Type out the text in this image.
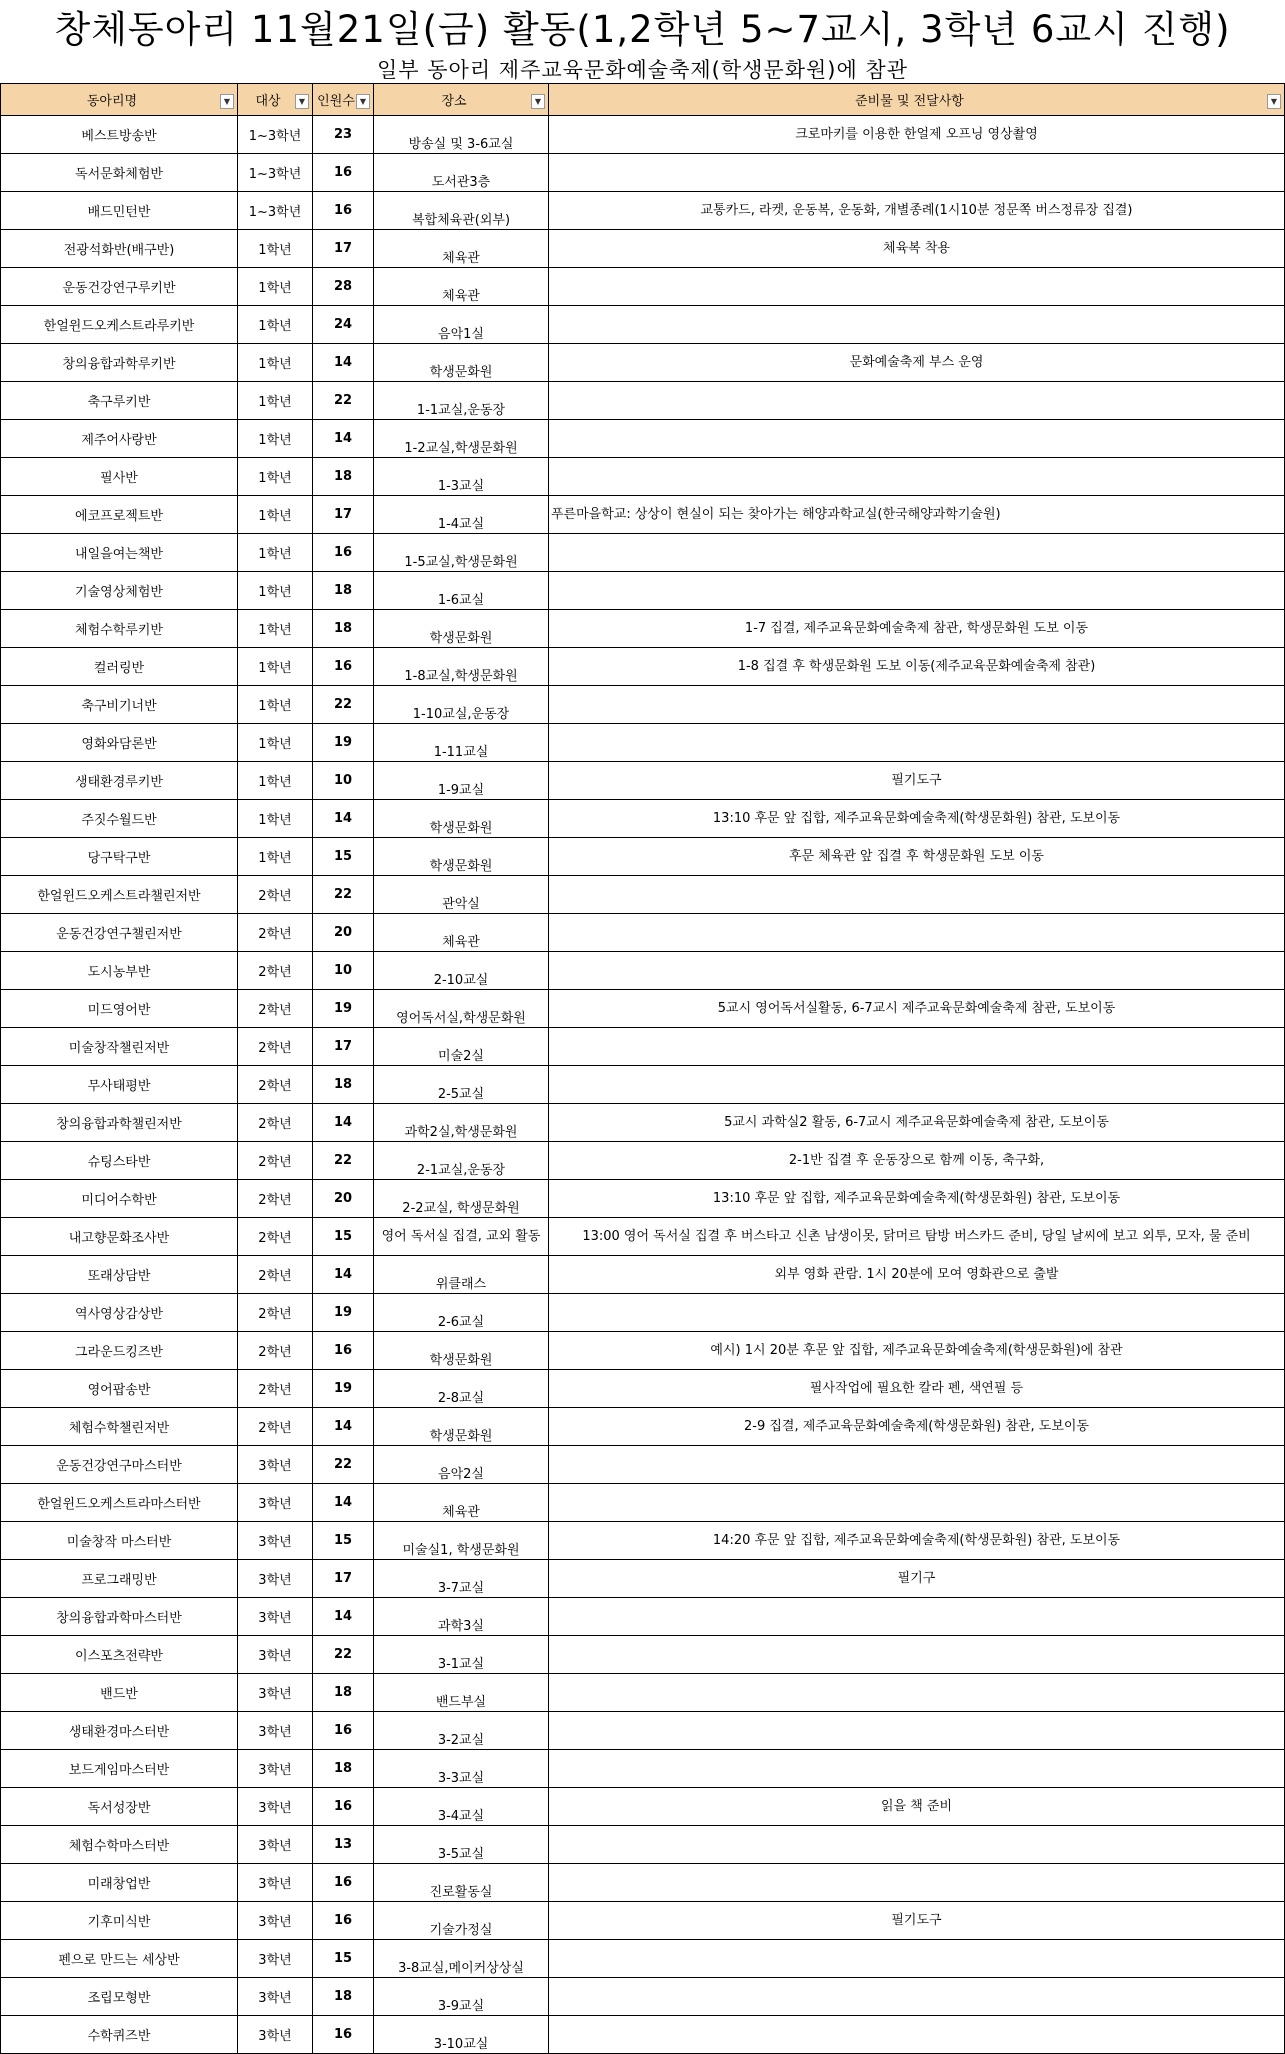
창체동아리 11월21일(금) 활동(1,2학년 5~7교시, 3학년 6교시 진행)
일부 동아리 제주교육문화예술축제(학생문화원)에 참관
동아리명 ▼	대상 ▼	인원수 ▼	장소 ▼	준비물 및 전달사항 ▼

베스트방송반	1~3학년	23	방송실 및 3-6교실	크로마키를 이용한 한얼제 오프닝 영상촬영
독서문화체험반	1~3학년	16	도서관3층	
배드민턴반	1~3학년	16	복합체육관(외부)	교통카드, 라켓, 운동복, 운동화, 개별종례(1시10분 정문쪽 버스정류장 집결)
전광석화반(배구반)	1학년	17	체육관	체육복 착용
운동건강연구루키반	1학년	28	체육관	
한얼윈드오케스트라루키반	1학년	24	음악1실	
창의융합과학루키반	1학년	14	학생문화원	문화예술축제 부스 운영
축구루키반	1학년	22	1-1교실,운동장	
제주어사랑반	1학년	14	1-2교실,학생문화원	
필사반	1학년	18	1-3교실	
에코프로젝트반	1학년	17	1-4교실	푸른마을학교: 상상이 현실이 되는 찾아가는 해양과학교실(한국해양과학기술원)
내일을여는책반	1학년	16	1-5교실,학생문화원	
기술영상체험반	1학년	18	1-6교실	
체험수학루키반	1학년	18	학생문화원	1-7 집결, 제주교육문화예술축제 참관, 학생문화원 도보 이동
컬러링반	1학년	16	1-8교실,학생문화원	1-8 집결 후 학생문화원 도보 이동(제주교육문화예술축제 참관)
축구비기너반	1학년	22	1-10교실,운동장	
영화와담론반	1학년	19	1-11교실	
생태환경루키반	1학년	10	1-9교실	필기도구
주짓수월드반	1학년	14	학생문화원	13:10 후문 앞 집합, 제주교육문화예술축제(학생문화원) 참관, 도보이동
당구탁구반	1학년	15	학생문화원	후문 체육관 앞 집결 후 학생문화원 도보 이동
한얼윈드오케스트라챌린저반	2학년	22	관악실	
운동건강연구챌린저반	2학년	20	체육관	
도시농부반	2학년	10	2-10교실	
미드영어반	2학년	19	영어독서실,학생문화원	5교시 영어독서실활동, 6-7교시 제주교육문화예술축제 참관, 도보이동
미술창작챌린저반	2학년	17	미술2실	
무사태평반	2학년	18	2-5교실	
창의융합과학챌린저반	2학년	14	과학2실,학생문화원	5교시 과학실2 활동, 6-7교시 제주교육문화예술축제 참관, 도보이동
슈팅스타반	2학년	22	2-1교실,운동장	2-1반 집결 후 운동장으로 함께 이동, 축구화,
미디어수학반	2학년	20	2-2교실, 학생문화원	13:10 후문 앞 집합, 제주교육문화예술축제(학생문화원) 참관, 도보이동
내고향문화조사반	2학년	15	영어 독서실 집결, 교외 활동	13:00 영어 독서실 집결 후 버스타고 신촌 남생이못, 닭머르 탐방 버스카드 준비, 당일 날씨에 보고 외투, 모자, 물 준비
또래상담반	2학년	14	위클래스	외부 영화 관람. 1시 20분에 모여 영화관으로 출발
역사영상감상반	2학년	19	2-6교실	
그라운드킹즈반	2학년	16	학생문화원	예시) 1시 20분 후문 앞 집합, 제주교육문화예술축제(학생문화원)에 참관
영어팝송반	2학년	19	2-8교실	필사작업에 필요한 칼라 펜, 색연필 등
체험수학챌린저반	2학년	14	학생문화원	2-9 집결, 제주교육문화예술축제(학생문화원) 참관, 도보이동
운동건강연구마스터반	3학년	22	음악2실	
한얼윈드오케스트라마스터반	3학년	14	체육관	
미술창작 마스터반	3학년	15	미술실1, 학생문화원	14:20 후문 앞 집합, 제주교육문화예술축제(학생문화원) 참관, 도보이동
프로그래밍반	3학년	17	3-7교실	필기구
창의융합과학마스터반	3학년	14	과학3실	
이스포츠전략반	3학년	22	3-1교실	
밴드반	3학년	18	밴드부실	
생태환경마스터반	3학년	16	3-2교실	
보드게임마스터반	3학년	18	3-3교실	
독서성장반	3학년	16	3-4교실	읽을 책 준비
체험수학마스터반	3학년	13	3-5교실	
미래창업반	3학년	16	진로활동실	
기후미식반	3학년	16	기술가정실	필기도구
펜으로 만드는 세상반	3학년	15	3-8교실,메이커상상실	
조립모형반	3학년	18	3-9교실	
수학퀴즈반	3학년	16	3-10교실	
